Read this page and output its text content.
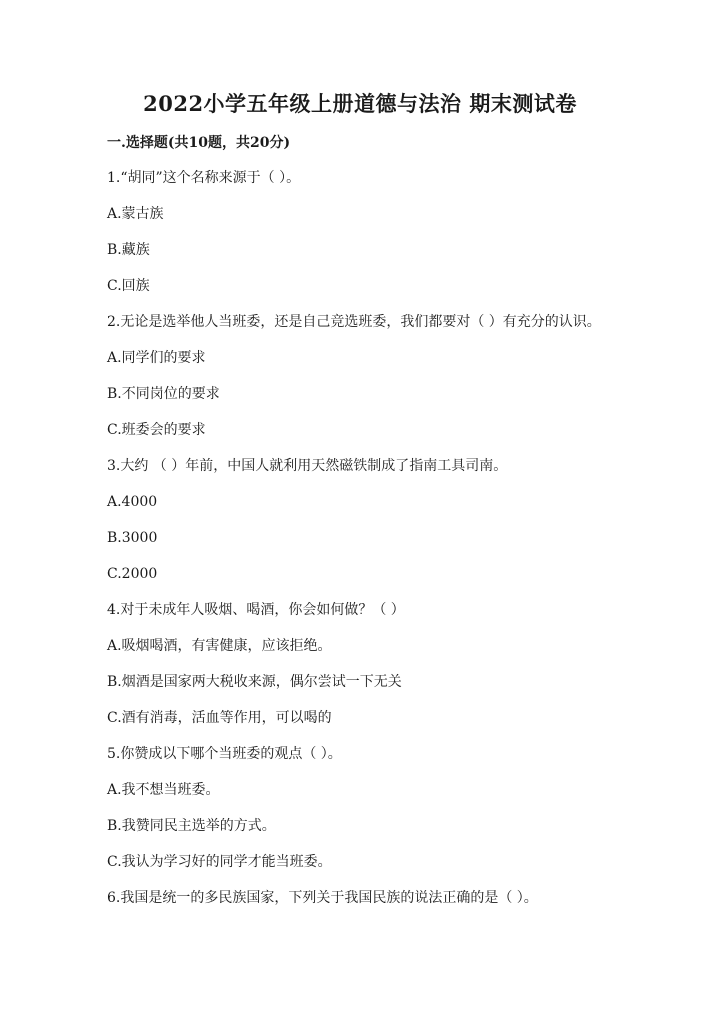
2022小学五年级上册道德与法治 期末测试卷
一.选择题(共10题，共20分)
1.“胡同”这个名称来源于（ ）。
A.蒙古族
B.藏族
C.回族
2.无论是选举他人当班委，还是自己竞选班委，我们都要对（ ）有充分的认识。
A.同学们的要求
B.不同岗位的要求
C.班委会的要求
3.大约 （ ）年前，中国人就利用天然磁铁制成了指南工具司南。
A.4000
B.3000
C.2000
4.对于未成年人吸烟、喝酒，你会如何做？（ ）
A.吸烟喝酒，有害健康，应该拒绝。
B.烟酒是国家两大税收来源，偶尔尝试一下无关
C.酒有消毒，活血等作用，可以喝的
5.你赞成以下哪个当班委的观点（ ）。
A.我不想当班委。
B.我赞同民主选举的方式。
C.我认为学习好的同学才能当班委。
6.我国是统一的多民族国家，下列关于我国民族的说法正确的是（ ）。
